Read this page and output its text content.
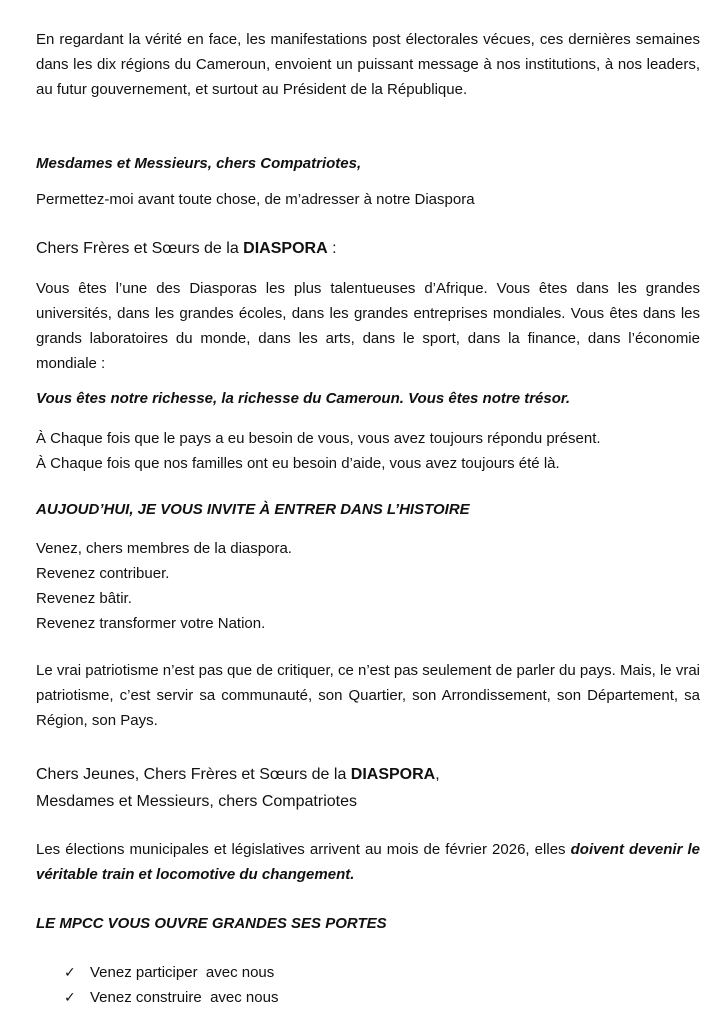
En regardant la vérité en face, les manifestations post électorales vécues, ces dernières semaines dans les dix régions du Cameroun, envoient un puissant message à nos institutions, à nos leaders, au futur gouvernement, et surtout au Président de la République.

Mesdames et Messieurs, chers Compatriotes,

Permettez-moi avant toute chose, de m’adresser à notre Diaspora

Chers Frères et Sœurs de la DIASPORA :

Vous êtes l’une des Diasporas les plus talentueuses d’Afrique. Vous êtes dans les grandes universités, dans les grandes écoles, dans les grandes entreprises mondiales. Vous êtes dans les grands laboratoires du monde, dans les arts, dans le sport, dans la finance, dans l’économie mondiale :

Vous êtes notre richesse, la richesse du Cameroun. Vous êtes notre trésor.

À Chaque fois que le pays a eu besoin de vous, vous avez toujours répondu présent.
À Chaque fois que nos familles ont eu besoin d’aide, vous avez toujours été là.

AUJOUD’HUI, JE VOUS INVITE À ENTRER DANS L’HISTOIRE

Venez, chers membres de la diaspora.
Revenez contribuer.
Revenez bâtir.
Revenez transformer votre Nation.

Le vrai patriotisme n’est pas que de critiquer, ce n’est pas seulement de parler du pays. Mais, le vrai patriotisme, c’est servir sa communauté, son Quartier, son Arrondissement, son Département, sa Région, son Pays.

Chers Jeunes, Chers Frères et Sœurs de la DIASPORA,
Mesdames et Messieurs, chers Compatriotes

Les élections municipales et législatives arrivent au mois de février 2026, elles doivent devenir le véritable train et locomotive du changement.

LE MPCC VOUS OUVRE GRANDES SES PORTES

✓ Venez participer  avec nous
✓ Venez construire  avec nous
